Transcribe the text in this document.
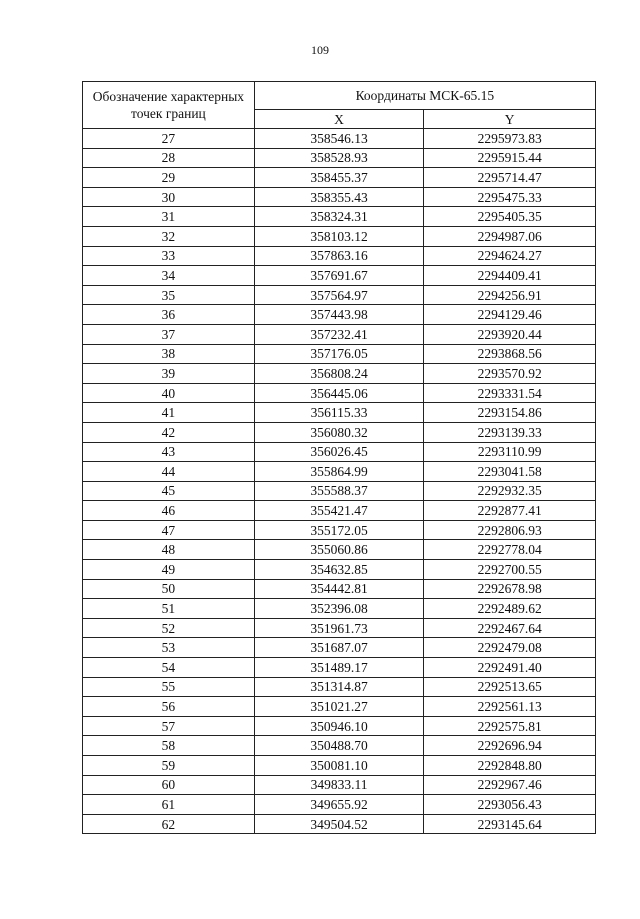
109
Обозначение характерных точек границ	Координаты МСК-65.15	
	X	Y
27	358546.13	2295973.83
28	358528.93	2295915.44
29	358455.37	2295714.47
30	358355.43	2295475.33
31	358324.31	2295405.35
32	358103.12	2294987.06
33	357863.16	2294624.27
34	357691.67	2294409.41
35	357564.97	2294256.91
36	357443.98	2294129.46
37	357232.41	2293920.44
38	357176.05	2293868.56
39	356808.24	2293570.92
40	356445.06	2293331.54
41	356115.33	2293154.86
42	356080.32	2293139.33
43	356026.45	2293110.99
44	355864.99	2293041.58
45	355588.37	2292932.35
46	355421.47	2292877.41
47	355172.05	2292806.93
48	355060.86	2292778.04
49	354632.85	2292700.55
50	354442.81	2292678.98
51	352396.08	2292489.62
52	351961.73	2292467.64
53	351687.07	2292479.08
54	351489.17	2292491.40
55	351314.87	2292513.65
56	351021.27	2292561.13
57	350946.10	2292575.81
58	350488.70	2292696.94
59	350081.10	2292848.80
60	349833.11	2292967.46
61	349655.92	2293056.43
62	349504.52	2293145.64
